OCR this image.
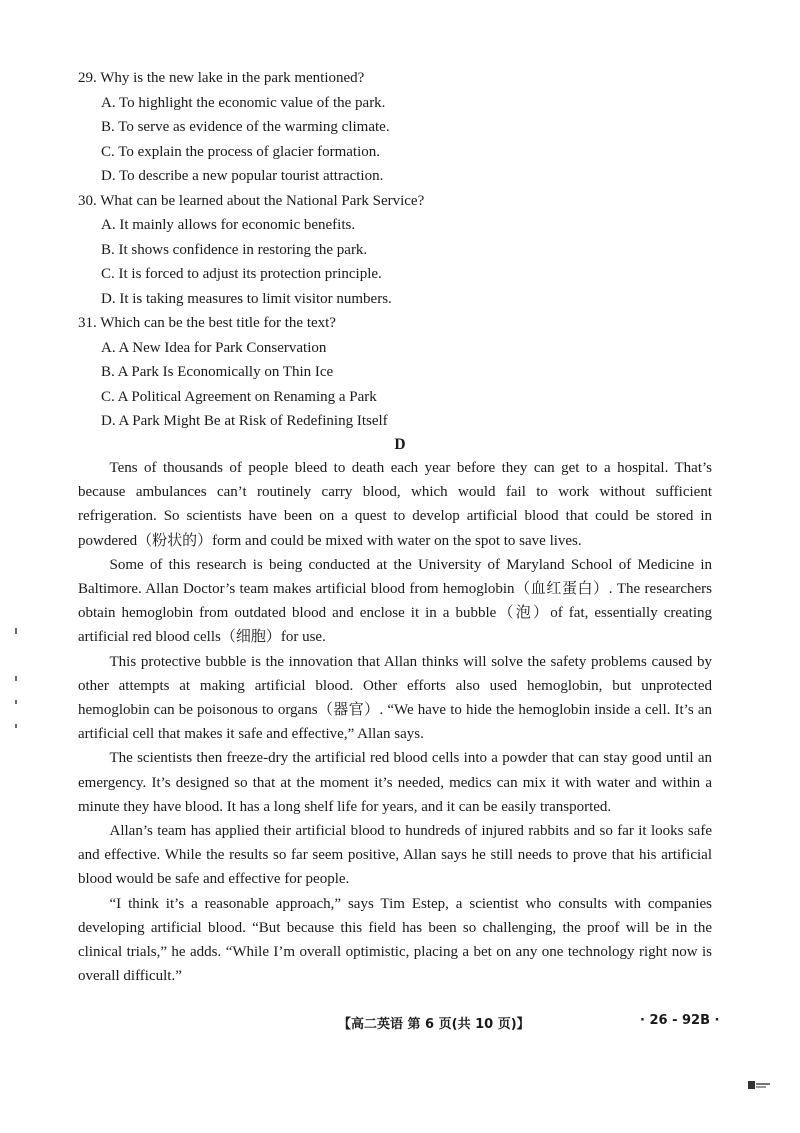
29. Why is the new lake in the park mentioned?
A. To highlight the economic value of the park.
B. To serve as evidence of the warming climate.
C. To explain the process of glacier formation.
D. To describe a new popular tourist attraction.
30. What can be learned about the National Park Service?
A. It mainly allows for economic benefits.
B. It shows confidence in restoring the park.
C. It is forced to adjust its protection principle.
D. It is taking measures to limit visitor numbers.
31. Which can be the best title for the text?
A. A New Idea for Park Conservation
B. A Park Is Economically on Thin Ice
C. A Political Agreement on Renaming a Park
D. A Park Might Be at Risk of Redefining Itself
D

Tens of thousands of people bleed to death each year before they can get to a hospital. That’s because ambulances can’t routinely carry blood, which would fail to work without sufficient refrigeration. So scientists have been on a quest to develop artificial blood that could be stored in powdered（粉状的）form and could be mixed with water on the spot to save lives.

Some of this research is being conducted at the University of Maryland School of Medicine in Baltimore. Allan Doctor’s team makes artificial blood from hemoglobin（血红蛋白）. The researchers obtain hemoglobin from outdated blood and enclose it in a bubble（泡）of fat, essentially creating artificial red blood cells（细胞）for use.

This protective bubble is the innovation that Allan thinks will solve the safety problems caused by other attempts at making artificial blood. Other efforts also used hemoglobin, but unprotected hemoglobin can be poisonous to organs（器官）. “We have to hide the hemoglobin inside a cell. It’s an artificial cell that makes it safe and effective,” Allan says.

The scientists then freeze-dry the artificial red blood cells into a powder that can stay good until an emergency. It’s designed so that at the moment it’s needed, medics can mix it with water and within a minute they have blood. It has a long shelf life for years, and it can be easily transported.

Allan’s team has applied their artificial blood to hundreds of injured rabbits and so far it looks safe and effective. While the results so far seem positive, Allan says he still needs to prove that his artificial blood would be safe and effective for people.

“I think it’s a reasonable approach,” says Tim Estep, a scientist who consults with companies developing artificial blood. “But because this field has been so challenging, the proof will be in the clinical trials,” he adds. “While I’m overall optimistic, placing a bet on any one technology right now is overall difficult.”

【高二英语 第 6 页(共 10 页)】	· 26 - 92B ·
